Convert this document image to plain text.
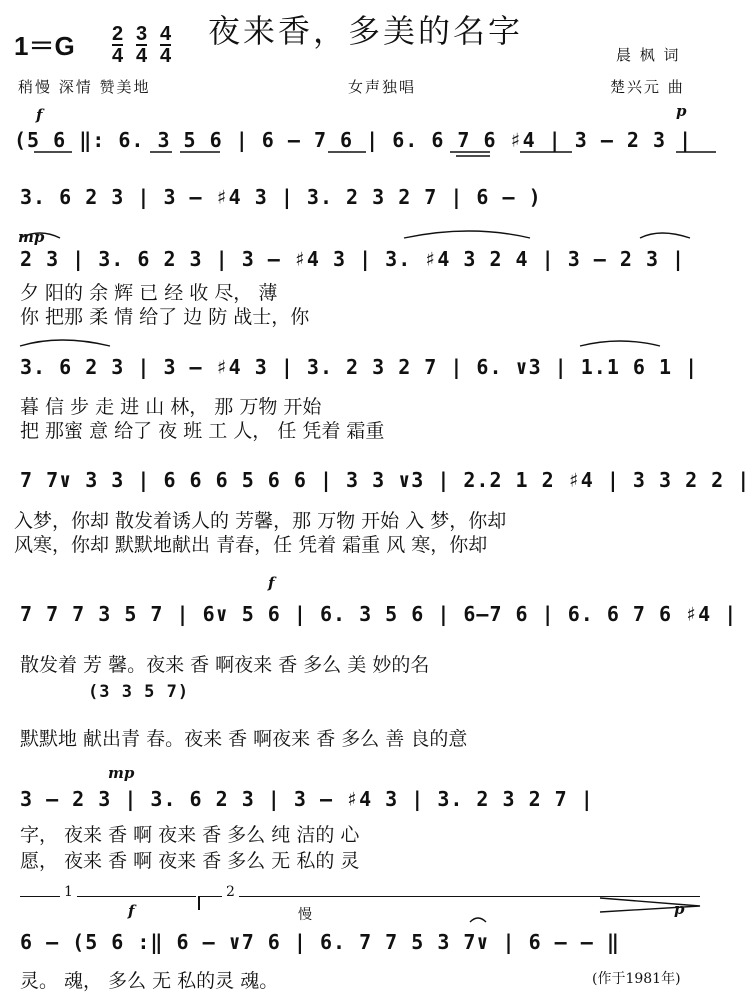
1＝G 2
4
3
4
4
4
夜来香，多美的名字
晨 枫 词
稍慢 深情 赞美地	女声独唱	楚兴元 曲
f	p
mp
f
mp
f	慢	p
(5 6 ‖: 6. 3 5 6 | 6 — 7 6 | 6. 6 7 6 ♯4 | 3 — 2 3 |
3. 6 2 3 | 3 — ♯4 3 | 3. 2 3 2 7 | 6 — )
2 3 | 3. 6 2 3 | 3 — ♯4 3 | 3. ♯4 3 2 4 | 3 — 2 3 |
夕 阳的 余 辉 已 经 收 尽， 薄
你 把那 柔 情 给了 边 防 战士，你
3. 6 2 3 | 3 — ♯4 3 | 3. 2 3 2 7 | 6. ∨3 | 1.1 6 1 |
暮 信 步 走 进 山 林， 那 万物 开始
把 那蜜 意 给了 夜 班 工 人， 任 凭着 霜重
7 7∨ 3 3 | 6 6 6 5 6 6 | 3 3 ∨3 | 2.2 1 2 ♯4 | 3 3 2 2 |
入梦，你却 散发着诱人的 芳馨，那 万物 开始 入 梦，你却
风寒，你却 默默地献出 青春，任 凭着 霜重 风 寒，你却
7 7 7 3 5 7 | 6∨ 5 6 | 6. 3 5 6 | 6—7 6 | 6. 6 7 6 ♯4 |
散发着 芳 馨。夜来 香 啊夜来 香 多么 美 妙的名
(3 3 5 7)
默默地 献出青 春。夜来 香 啊夜来 香 多么 善 良的意
3 — 2 3 | 3. 6 2 3 | 3 — ♯4 3 | 3. 2 3 2 7 |
字， 夜来 香 啊 夜来 香 多么 纯 洁的 心
愿， 夜来 香 啊 夜来 香 多么 无 私的 灵
1	2
6 — (5 6 :‖ 6 — ∨7 6 | 6. 7 7 5 3 7∨ | 6 — — ‖
灵。 魂， 多么 无 私的灵 魂。	(作于1981年)
